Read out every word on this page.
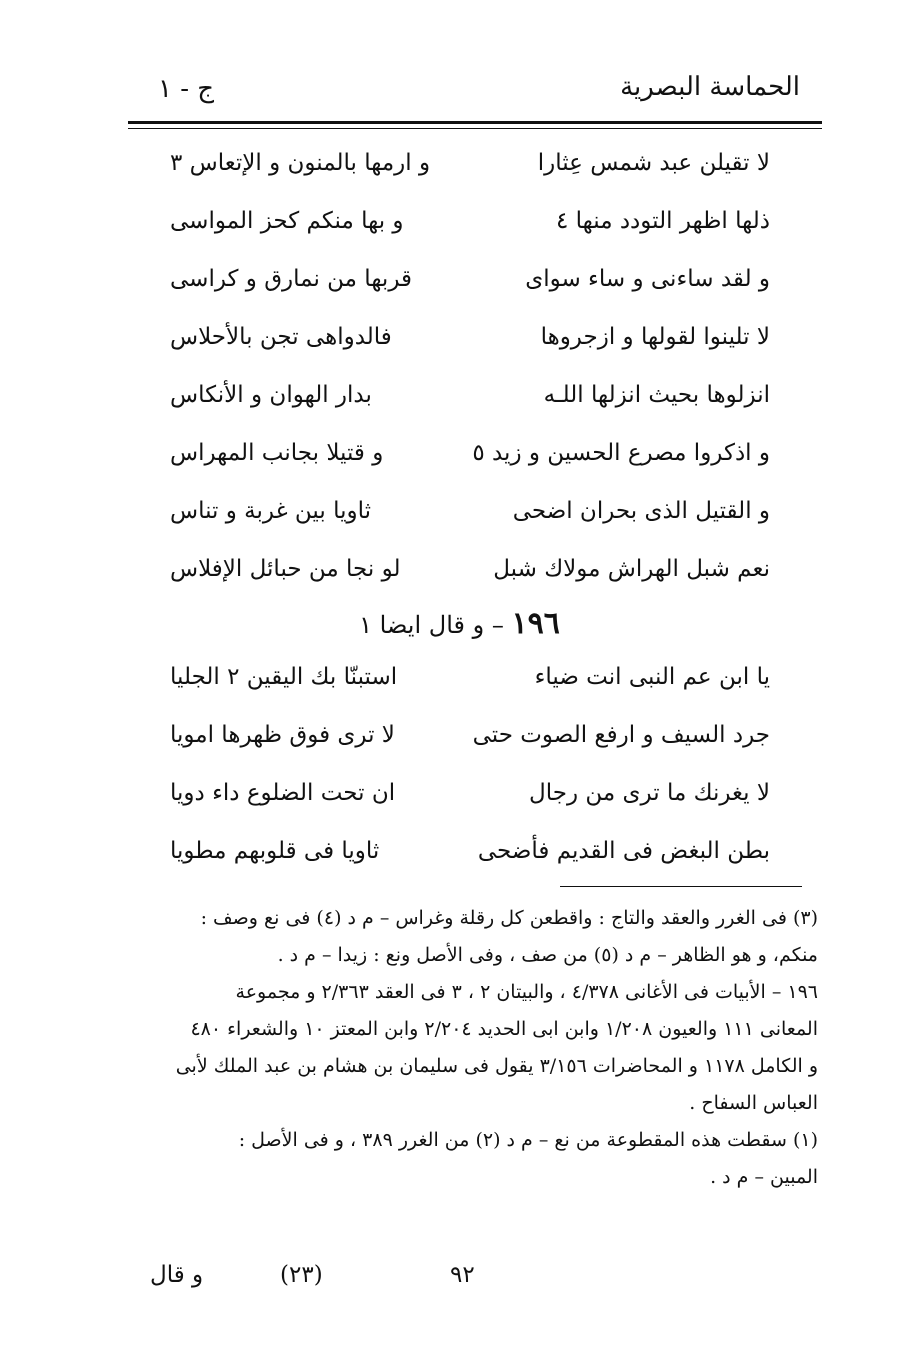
الحماسة البصرية
ج - ١
لا تقيلن عبد شمس عِثارا
و ارمها بالمنون و الإتعاس ٣
ذلها اظهر التودد منها ٤
و بها منكم كحز المواسى
و لقد ساءنى و ساء سواى
قربها من نمارق و كراسى
لا تلينوا لقولها و ازجروها
فالدواهى تجن بالأحلاس
انزلوها بحيث انزلها اللـه
بدار الهوان و الأنكاس
و اذكروا مصرع الحسين و زيد ٥
و قتيلا بجانب المهراس
و القتيل الذى بحران اضحى
ثاويا بين غربة و تناس
نعم شبل الهراش مولاك شبل
لو نجا من حبائل الإفلاس
١٩٦ – و قال ايضا ١
يا ابن عم النبى انت ضياء
استبنّا بك اليقين ٢ الجليا
جرد السيف و ارفع الصوت حتى
لا ترى فوق ظهرها امويا
لا يغرنك ما ترى من رجال
ان تحت الضلوع داء دويا
بطن البغض فى القديم فأضحى
ثاويا فى قلوبهم مطويا
(٣) فى الغرر والعقد والتاج : واقطعن كل رقلة وغراس – م د (٤) فى نع وصف :
منكم، و هو الظاهر – م د (٥) من صف ، وفى الأصل ونع : زيدا – م د .
١٩٦ – الأبيات فى الأغانى ٤/٣٧٨ ، والبيتان ٢ ، ٣ فى العقد ٢/٣٦٣ و مجموعة
المعانى ١١١ والعيون ١/٢٠٨ وابن ابى الحديد ٢/٢٠٤ وابن المعتز ١٠ والشعراء ٤٨٠
و الكامل ١١٧٨ و المحاضرات ٣/١٥٦ يقول فى سليمان بن هشام بن عبد الملك لأبى
العباس السفاح .
(١) سقطت هذه المقطوعة من نع – م د (٢) من الغرر ٣٨٩ ، و فى الأصل :
المبين – م د .
و قال	(٢٣)	٩٢
